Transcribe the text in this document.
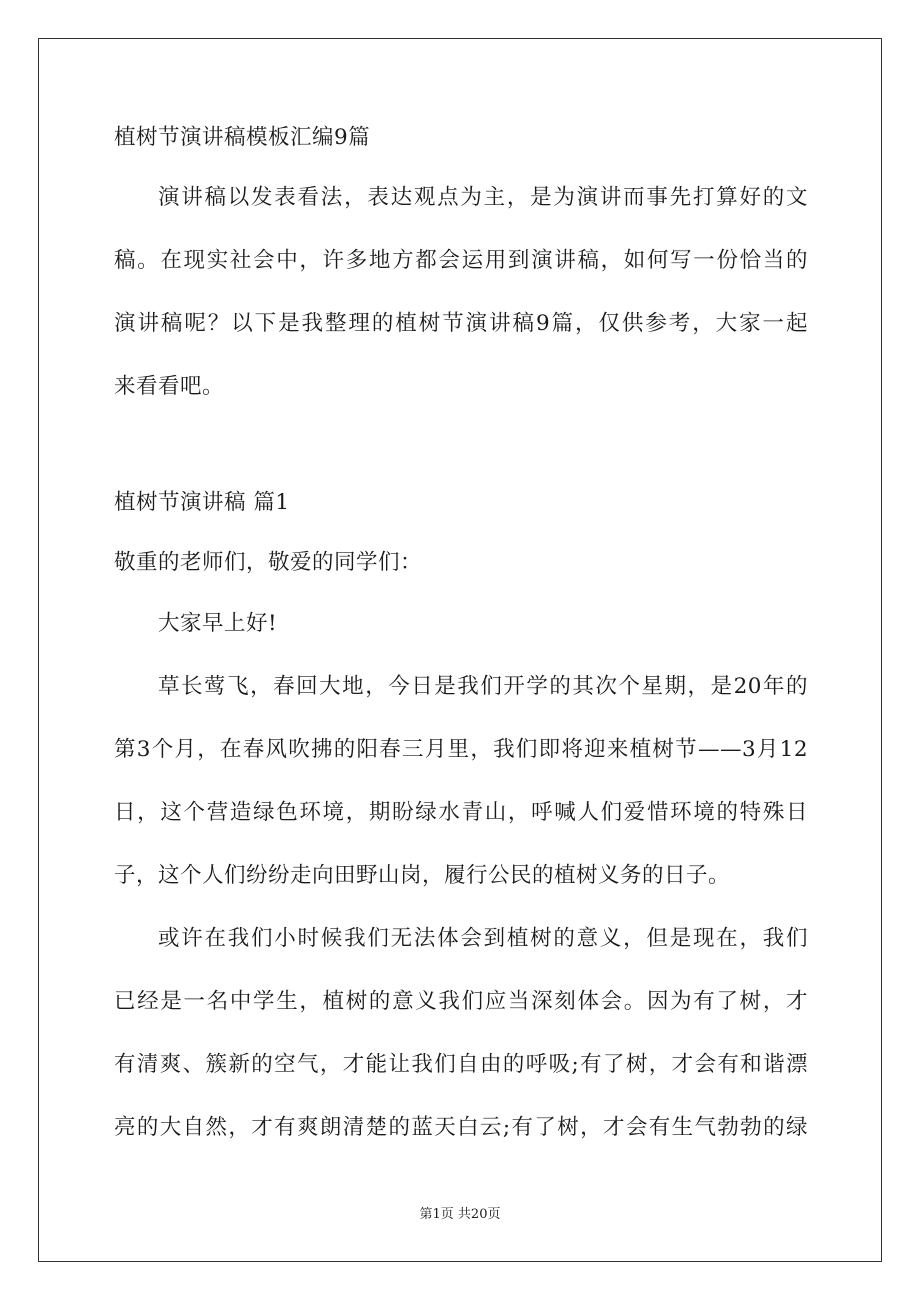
植树节演讲稿模板汇编9篇
演讲稿以发表看法，表达观点为主，是为演讲而事先打算好的文
稿。在现实社会中，许多地方都会运用到演讲稿，如何写一份恰当的
演讲稿呢？以下是我整理的植树节演讲稿9篇，仅供参考，大家一起
来看看吧。
植树节演讲稿 篇1
敬重的老师们，敬爱的同学们：
大家早上好!
草长莺飞，春回大地，今日是我们开学的其次个星期，是20年的
第3个月，在春风吹拂的阳春三月里，我们即将迎来植树节——3月12
日，这个营造绿色环境，期盼绿水青山，呼喊人们爱惜环境的特殊日
子，这个人们纷纷走向田野山岗，履行公民的植树义务的日子。
或许在我们小时候我们无法体会到植树的意义，但是现在，我们
已经是一名中学生，植树的意义我们应当深刻体会。因为有了树，才
有清爽、簇新的空气，才能让我们自由的呼吸;有了树，才会有和谐漂
亮的大自然，才有爽朗清楚的蓝天白云;有了树，才会有生气勃勃的绿
第1页 共20页
